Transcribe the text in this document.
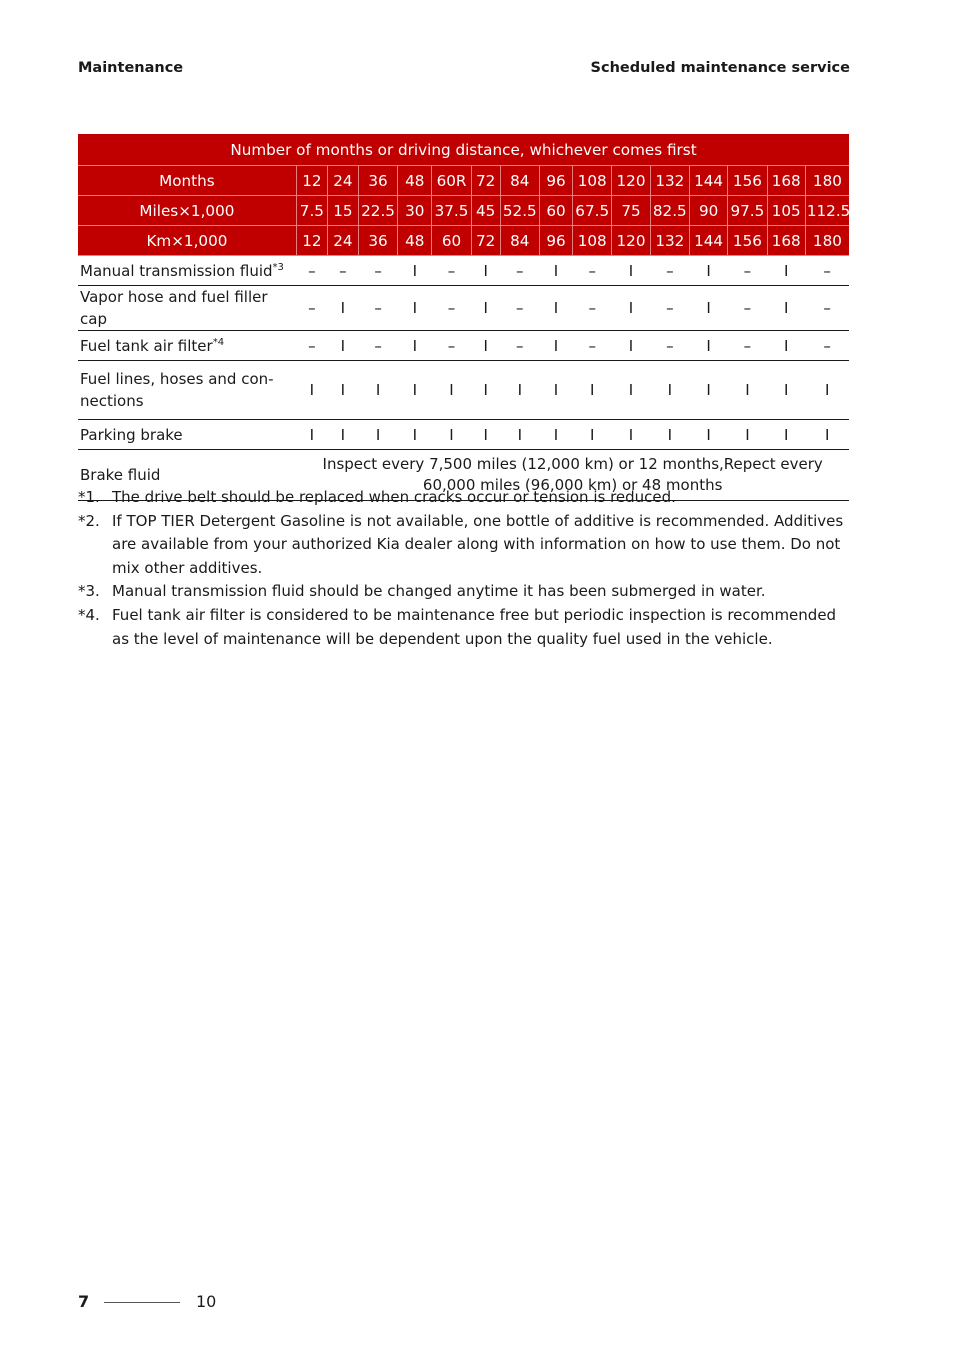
Maintenance	Scheduled maintenance service
Number of months or driving distance, whichever comes first															
Months	12	24	36	48	60R	72	84	96	108	120	132	144	156	168	180
Miles×1,000	7.5	15	22.5	30	37.5	45	52.5	60	67.5	75	82.5	90	97.5	105	112.5
Km×1,000	12	24	36	48	60	72	84	96	108	120	132	144	156	168	180
Manual transmission fluid$^{*3}$	–	–	–	I	–	I	–	I	–	I	–	I	–	I	–
Vapor hose and fuel filler cap	–	I	–	I	–	I	–	I	–	I	–	I	–	I	–
Fuel tank air filter$^{*4}$	–	I	–	I	–	I	–	I	–	I	–	I	–	I	–
Fuel lines, hoses and con-nections	I	I	I	I	I	I	I	I	I	I	I	I	I	I	I
Parking brake	I	I	I	I	I	I	I	I	I	I	I	I	I	I	I
Brake fluid	Inspect every 7,500 miles (12,000 km) or 12 months,Repect every 60,000 miles (96,000 km) or 48 months														
*1. The drive belt should be replaced when cracks occur or tension is reduced.
*2. If TOP TIER Detergent Gasoline is not available, one bottle of additive is recommended. Additives are available from your authorized Kia dealer along with information on how to use them. Do not mix other additives.
*3. Manual transmission fluid should be changed anytime it has been submerged in water.
*4. Fuel tank air filter is considered to be maintenance free but periodic inspection is recommended as the level of maintenance will be dependent upon the quality fuel used in the vehicle.
7	10
